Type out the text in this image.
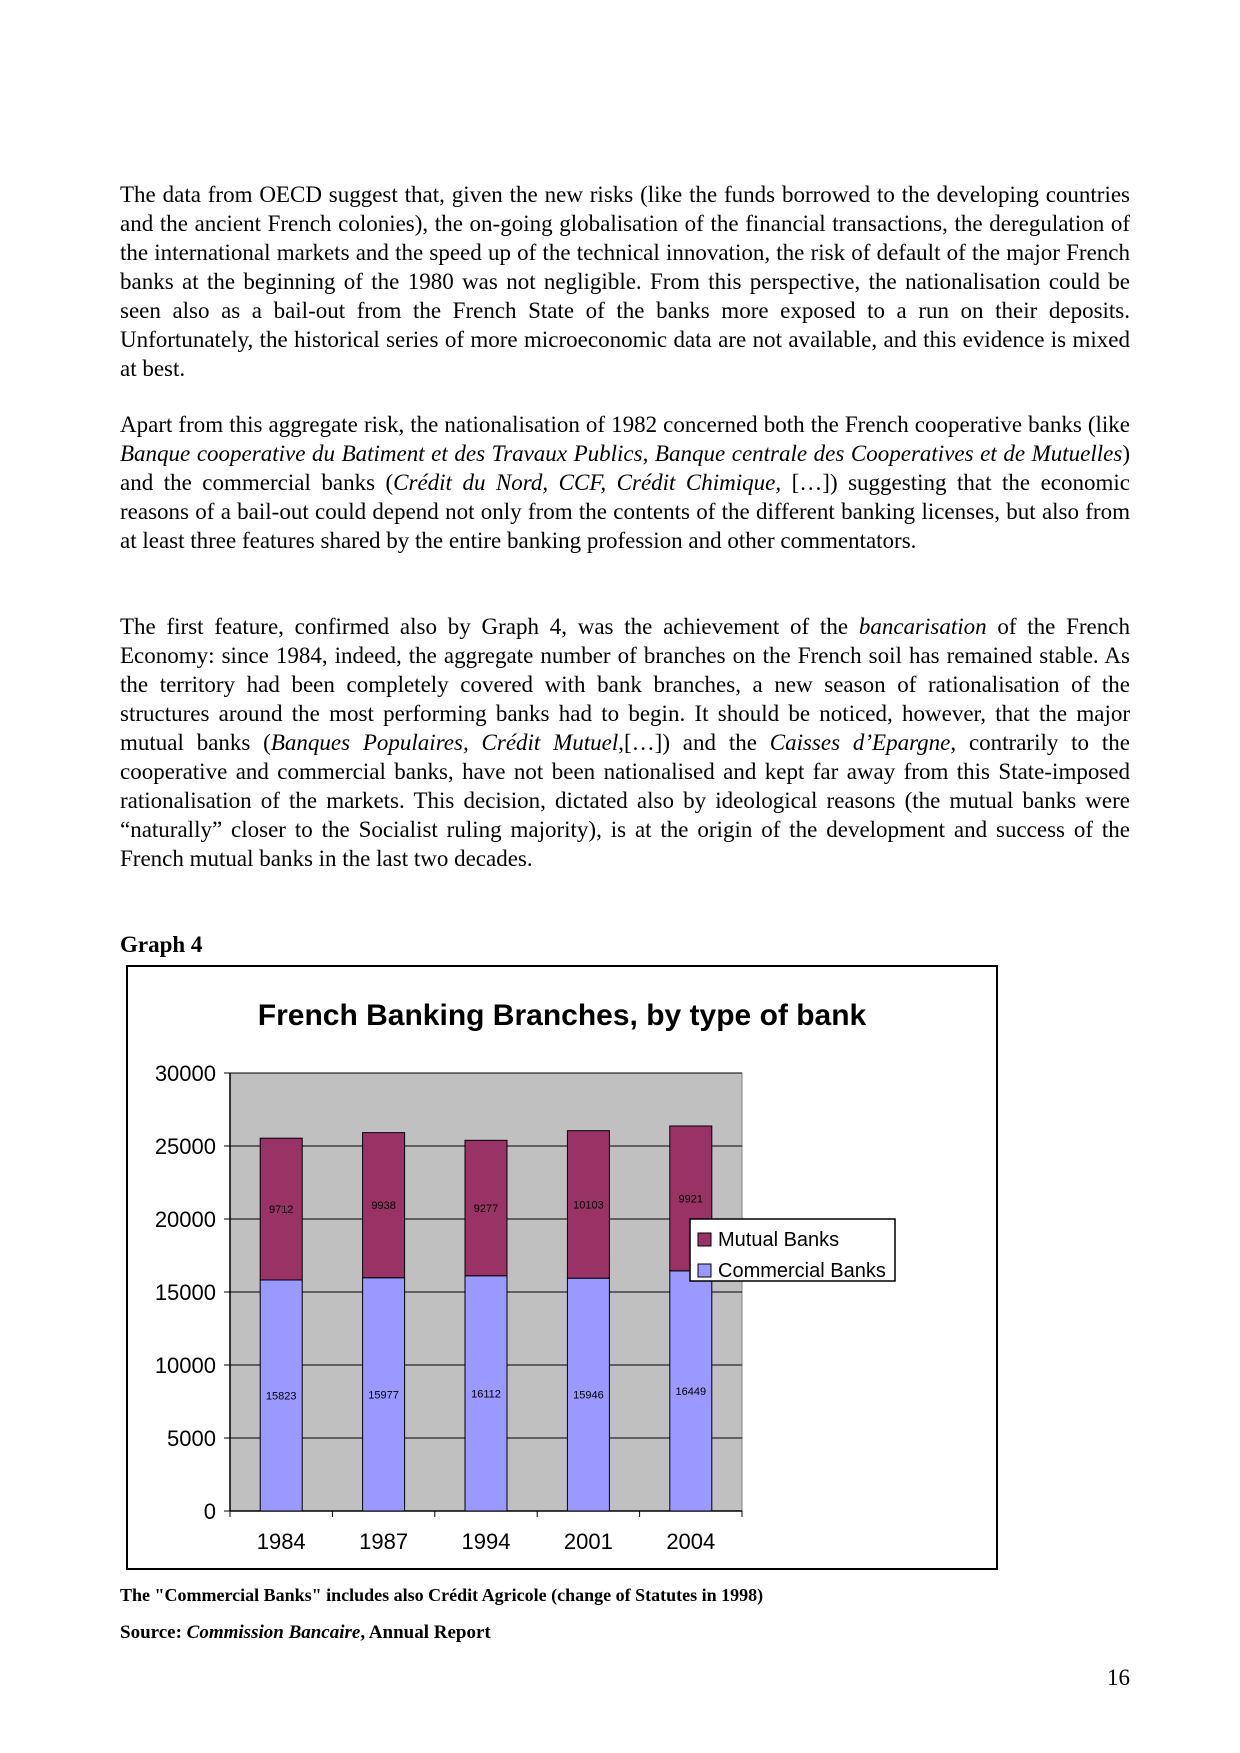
The data from OECD suggest that, given the new risks (like the funds borrowed to the developing countries and the ancient French colonies), the on-going globalisation of the financial transactions, the deregulation of the international markets and the speed up of the technical innovation, the risk of default of the major French banks at the beginning of the 1980 was not negligible. From this perspective, the nationalisation could be seen also as a bail-out from the French State of the banks more exposed to a run on their deposits. Unfortunately, the historical series of more microeconomic data are not available, and this evidence is mixed at best.

Apart from this aggregate risk, the nationalisation of 1982 concerned both the French cooperative banks (like Banque cooperative du Batiment et des Travaux Publics, Banque centrale des Cooperatives et de Mutuelles) and the commercial banks (Crédit du Nord, CCF, Crédit Chimique, […]) suggesting that the economic reasons of a bail-out could depend not only from the contents of the different banking licenses, but also from at least three features shared by the entire banking profession and other commentators.

The first feature, confirmed also by Graph 4, was the achievement of the bancarisation of the French Economy: since 1984, indeed, the aggregate number of branches on the French soil has remained stable. As the territory had been completely covered with bank branches, a new season of rationalisation of the structures around the most performing banks had to begin. It should be noticed, however, that the major mutual banks (Banques Populaires, Crédit Mutuel,[…]) and the Caisses d’Epargne, contrarily to the cooperative and commercial banks, have not been nationalised and kept far away from this State-imposed rationalisation of the markets. This decision, dictated also by ideological reasons (the mutual banks were “naturally” closer to the Socialist ruling majority), is at the origin of the development and success of the French mutual banks in the last two decades.

Graph 4

French Banking Branches, by type of bank
0
5000
10000
15000
20000
25000
30000
15823
9712
1984
15977
9938
1987
16112
9277
1994
15946
10103
2001
16449
9921
2004
Mutual Banks
Commercial Banks

The "Commercial Banks" includes also Crédit Agricole (change of Statutes in 1998)

Source: Commission Bancaire, Annual Report

16
